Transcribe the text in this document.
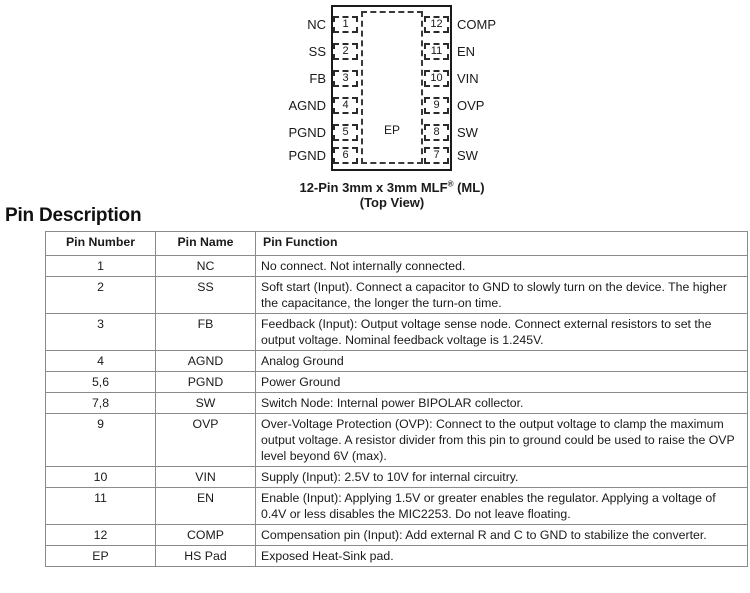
EP
1
2
3
4
5
6
12
11
10
9
8
7
NC
SS
FB
AGND
PGND
PGND
COMP
EN
VIN
OVP
SW
SW
12-Pin 3mm x 3mm MLF® (ML)
(Top View)
Pin Description
Pin Number	Pin Name	Pin Function
1	NC	No connect. Not internally connected.
2	SS	Soft start (Input). Connect a capacitor to GND to slowly turn on the device. The higher the capacitance, the longer the turn-on time.
3	FB	Feedback (Input): Output voltage sense node. Connect external resistors to set the output voltage. Nominal feedback voltage is 1.245V.
4	AGND	Analog Ground
5,6	PGND	Power Ground
7,8	SW	Switch Node: Internal power BIPOLAR collector.
9	OVP	Over-Voltage Protection (OVP): Connect to the output voltage to clamp the maximum output voltage. A resistor divider from this pin to ground could be used to raise the OVP level beyond 6V (max).
10	VIN	Supply (Input): 2.5V to 10V for internal circuitry.
11	EN	Enable (Input): Applying 1.5V or greater enables the regulator. Applying a voltage of 0.4V or less disables the MIC2253. Do not leave floating.
12	COMP	Compensation pin (Input): Add external R and C to GND to stabilize the converter.
EP	HS Pad	Exposed Heat-Sink pad.
